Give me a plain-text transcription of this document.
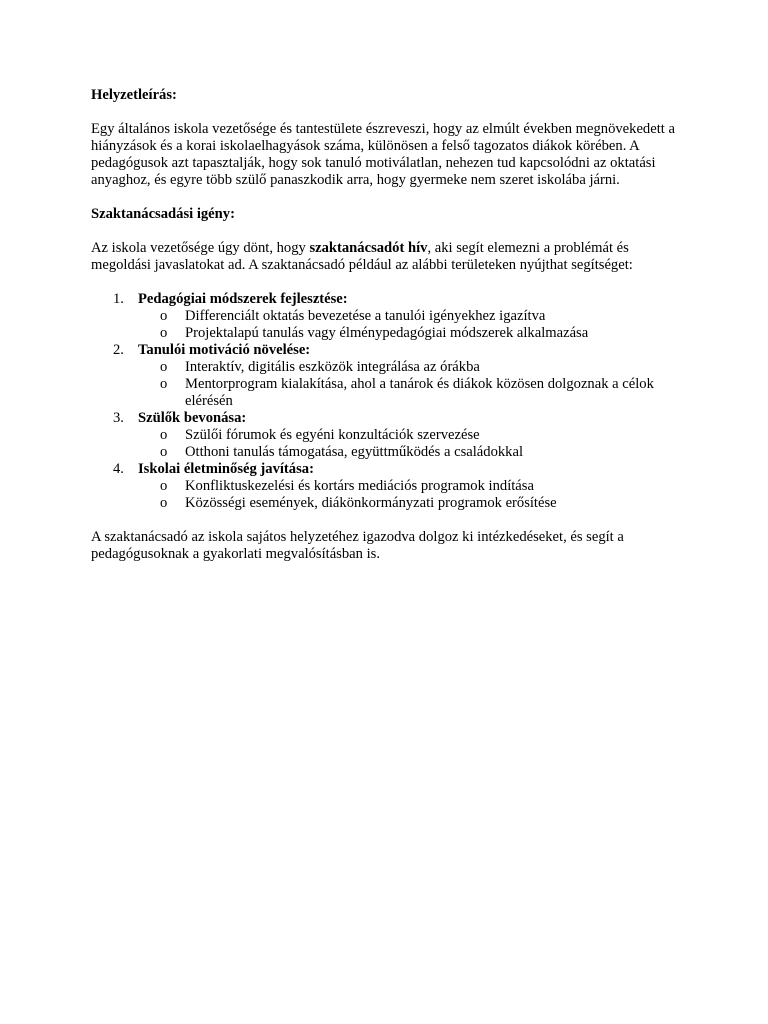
Helyzetleírás:

Egy általános iskola vezetősége és tantestülete észreveszi, hogy az elmúlt években megnövekedett a hiányzások és a korai iskolaelhagyások száma, különösen a felső tagozatos diákok körében. A pedagógusok azt tapasztalják, hogy sok tanuló motiválatlan, nehezen tud kapcsolódni az oktatási anyaghoz, és egyre több szülő panaszkodik arra, hogy gyermeke nem szeret iskolába járni.

Szaktanácsadási igény:

Az iskola vezetősége úgy dönt, hogy szaktanácsadót hív, aki segít elemezni a problémát és megoldási javaslatokat ad. A szaktanácsadó például az alábbi területeken nyújthat segítséget:

1. Pedagógiai módszerek fejlesztése:
o Differenciált oktatás bevezetése a tanulói igényekhez igazítva
o Projektalapú tanulás vagy élménypedagógiai módszerek alkalmazása
2. Tanulói motiváció növelése:
o Interaktív, digitális eszközök integrálása az órákba
o Mentorprogram kialakítása, ahol a tanárok és diákok közösen dolgoznak a célok elérésén
3. Szülők bevonása:
o Szülői fórumok és egyéni konzultációk szervezése
o Otthoni tanulás támogatása, együttműködés a családokkal
4. Iskolai életminőség javítása:
o Konfliktuskezelési és kortárs mediációs programok indítása
o Közösségi események, diákönkormányzati programok erősítése

A szaktanácsadó az iskola sajátos helyzetéhez igazodva dolgoz ki intézkedéseket, és segít a pedagógusoknak a gyakorlati megvalósításban is.
